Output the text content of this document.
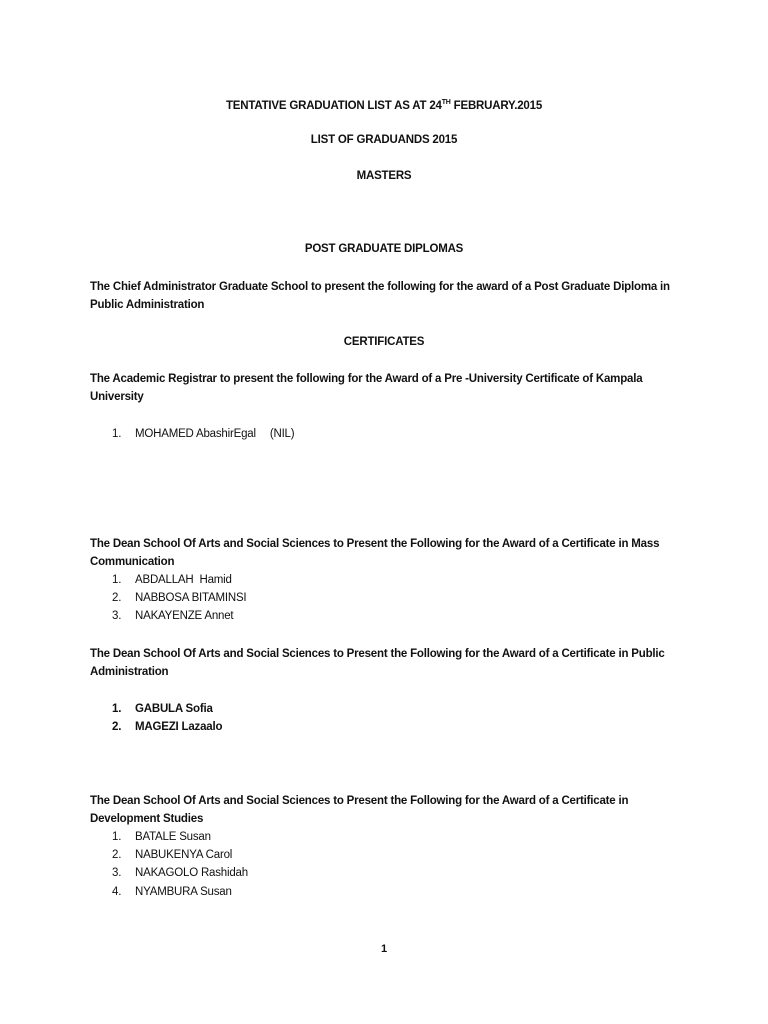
TENTATIVE GRADUATION LIST AS AT 24TH FEBRUARY.2015
LIST OF GRADUANDS 2015
MASTERS
POST GRADUATE DIPLOMAS
The Chief Administrator Graduate School to present the following for the award of a Post Graduate Diploma in
Public Administration
CERTIFICATES
The Academic Registrar to present the following for the Award of a Pre -University Certificate of Kampala
University
1. MOHAMED AbashirEgal (NIL)
The Dean School Of Arts and Social Sciences to Present the Following for the Award of a Certificate in Mass
Communication
1. ABDALLAH  Hamid
2. NABBOSA BITAMINSI
3. NAKAYENZE Annet
The Dean School Of Arts and Social Sciences to Present the Following for the Award of a Certificate in Public
Administration
1. GABULA Sofia
2. MAGEZI Lazaalo
The Dean School Of Arts and Social Sciences to Present the Following for the Award of a Certificate in
Development Studies
1. BATALE Susan
2. NABUKENYA Carol
3. NAKAGOLO Rashidah
4. NYAMBURA Susan
1
